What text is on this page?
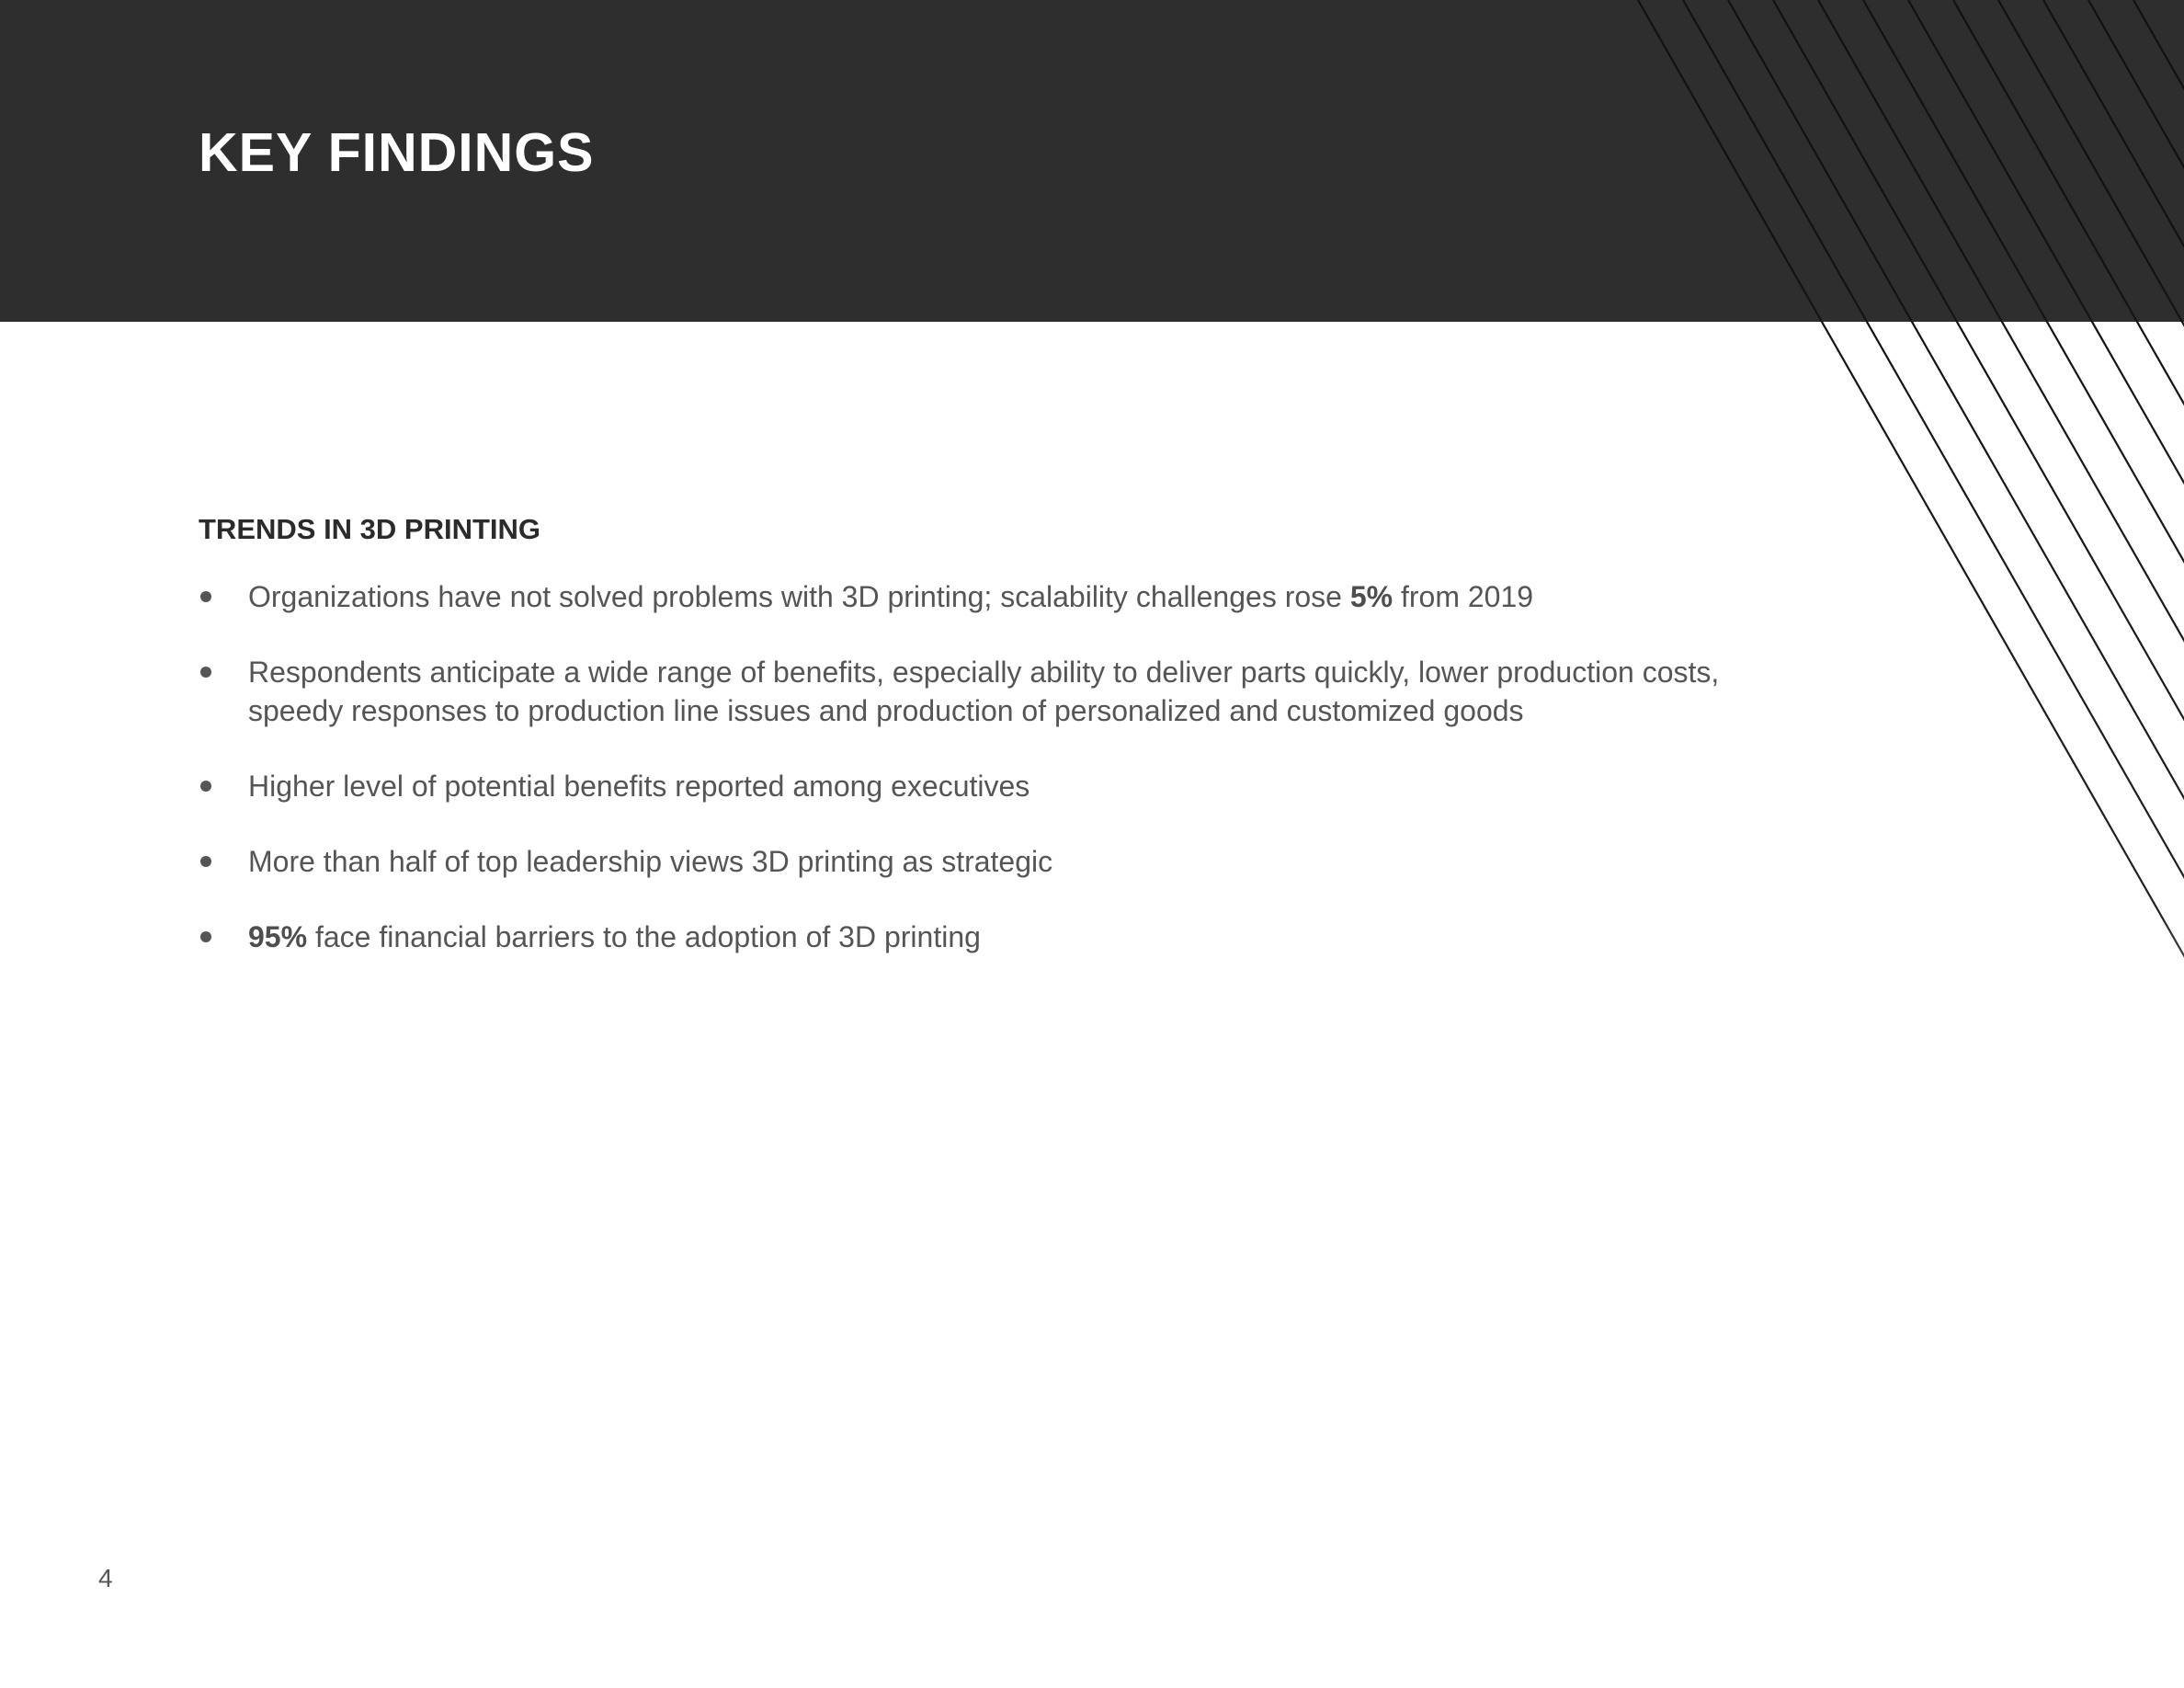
KEY FINDINGS
TRENDS IN 3D PRINTING
Organizations have not solved problems with 3D printing; scalability challenges rose 5% from 2019
Respondents anticipate a wide range of benefits, especially ability to deliver parts quickly, lower production costs, speedy responses to production line issues and production of personalized and customized goods
Higher level of potential benefits reported among executives
More than half of top leadership views 3D printing as strategic
95% face financial barriers to the adoption of 3D printing
4
